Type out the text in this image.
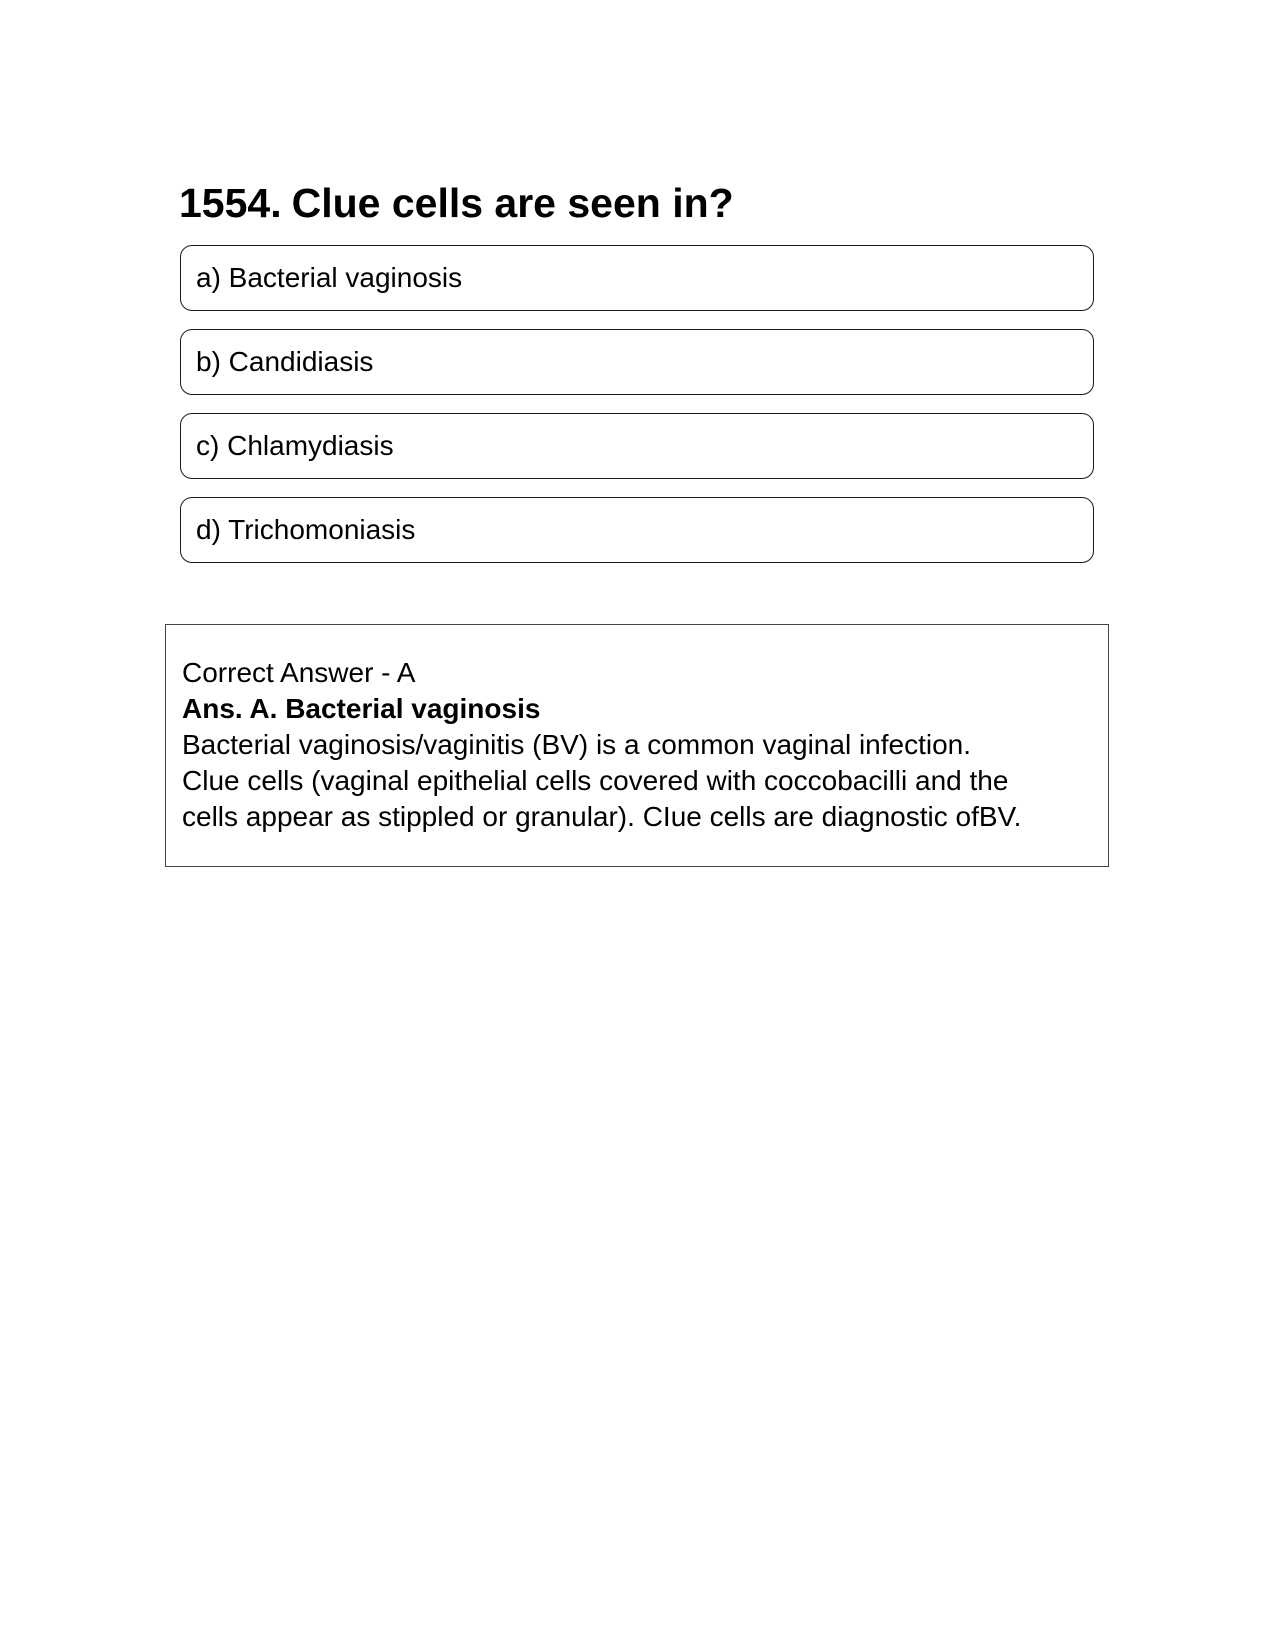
1554. Clue cells are seen in?
a) Bacterial vaginosis
b) Candidiasis
c) Chlamydiasis
d) Trichomoniasis
Correct Answer - A
Ans. A. Bacterial vaginosis
Bacterial vaginosis/vaginitis (BV) is a common vaginal infection.
Clue cells (vaginal epithelial cells covered with coccobacilli and the
cells appear as stippled or granular). CIue cells are diagnostic ofBV.
